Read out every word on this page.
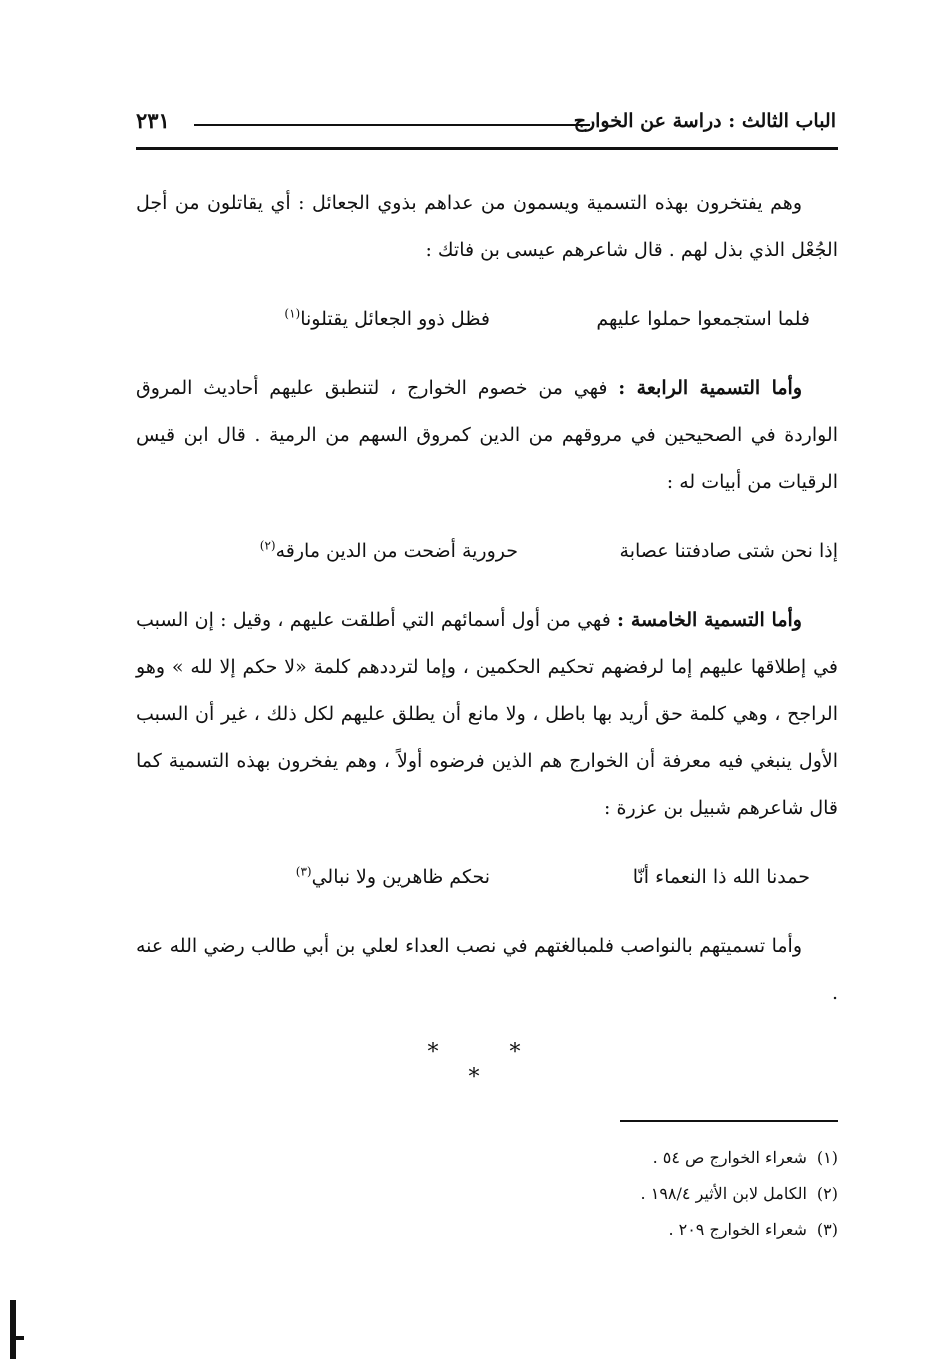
الباب الثالث : دراسة عن الخوارج
٢٣١

وهم يفتخرون بهذه التسمية ويسمون من عداهم بذوي الجعائل : أي يقاتلون من أجل الجُعْل الذي بذل لهم . قال شاعرهم عيسى بن فاتك :

فلما استجمعوا حملوا عليهم
فظل ذوو الجعائل يقتلونا$^{(١)}$

وأما التسمية الرابعة : فهي من خصوم الخوارج ، لتنطبق عليهم أحاديث المروق الواردة في الصحيحين في مروقهم من الدين كمروق السهم من الرمية . قال ابن قيس الرقيات من أبيات له :

إذا نحن شتى صادفتنا عصابة
حرورية أضحت من الدين مارقه$^{(٢)}$

وأما التسمية الخامسة : فهي من أول أسمائهم التي أطلقت عليهم ، وقيل : إن السبب في إطلاقها عليهم إما لرفضهم تحكيم الحكمين ، وإما لترددهم كلمة «لا حكم إلا لله » وهو الراجح ، وهي كلمة حق أريد بها باطل ، ولا مانع أن يطلق عليهم لكل ذلك ، غير أن السبب الأول ينبغي فيه معرفة أن الخوارج هم الذين فرضوه أولاً ، وهم يفخرون بهذه التسمية كما قال شاعرهم شبيل بن عزرة :

حمدنا الله ذا النعماء أنّا
نحكم ظاهرين ولا نبالي$^{(٣)}$

وأما تسميتهم بالنواصب فلمبالغتهم في نصب العداء لعلي بن أبي طالب رضي الله عنه .

* * *
(١)شعراء الخوارج ص ٥٤ .
(٢)الكامل لابن الأثير ١٩٨/٤ .
(٣)شعراء الخوارج ٢٠٩ .
